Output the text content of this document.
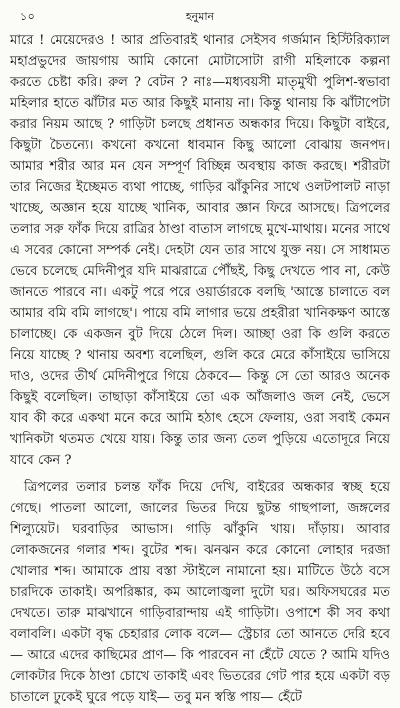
১০	হনুমান

মারে ! মেয়েদেরও ! আর প্রতিবারই থানার সেইসব গর্জমান হিস্টিরিক্যাল মহাপ্রভুদের জায়গায় আমি কোনো মোটাসোটা রাগী মহিলাকে কল্পনা করতে চেষ্টা করি। রুল ? বেটন ? নাঃ—মধ্যবয়সী মাতৃমুখী পুলিশ-স্বভাবা মহিলার হাতে ঝাঁটার মত আর কিছুই মানায় না। কিন্তু থানায় কি ঝাঁটাপেটা করার নিয়ম আছে ? গাড়িটা চলছে প্রধানত অন্ধকার দিয়ে। কিছুটা বাইরে, কিছুটা চৈতন্যে। কখনো কখনো ধাবমান কিছু আলো বোঝায় জনপদ। আমার শরীর আর মন যেন সম্পূর্ণ বিচ্ছিন্ন অবস্থায় কাজ করছে। শরীরটা তার নিজের ইচ্ছেমত ব্যথা পাচ্ছে, গাড়ির ঝাঁকুনির সাথে ওলটপালট নাড়া খাচ্ছে, অজ্ঞান হয়ে যাচ্ছে খানিক, আবার জ্ঞান ফিরে আসছে। ত্রিপলের তলার সরু ফাঁক দিয়ে রাত্রির ঠাণ্ডা বাতাস লাগছে মুখে-মাথায়। মনের সাথে এ সবের কোনো সম্পর্ক নেই। দেহটা যেন তার সাথে যুক্ত নয়। সে সাধামত ভেবে চলেছে মেদিনীপুর যদি মাঝরাত্রে পৌঁছই, কিছু দেখতে পাব না, কেউ জানতে পারবে না। একটু পরে পরে ওয়ার্ডারকে বলছি 'আস্তে চালাতে বল আমার বমি বমি লাগছে'। পায়ে বমি লাগার ভয়ে প্রহরীরা খানিকক্ষণ আস্তে চালাচ্ছে। কে একজন বুট দিয়ে ঠেলে দিল। আচ্ছা ওরা কি গুলি করতে নিয়ে যাচ্ছে ? থানায় অবশ্য বলেছিল, গুলি করে মেরে কাঁসাইয়ে ভাসিয়ে দাও, ওদের তীর্থ মেদিনীপুরে গিয়ে ঠেকবে— কিন্তু সে তো আরও অনেক কিছুই বলেছিল। তাছাড়া কাঁসাইয়ে তো এক আঁজলাও জল নেই, ভেসে যাব কী করে একথা মনে করে আমি হঠাৎ হেসে ফেলায়, ওরা সবাই কেমন খানিকটা থতমত খেয়ে যায়। কিন্তু তার জন্য তেল পুড়িয়ে এতোদূরে নিয়ে যাবে কেন ?

ত্রিপলের তলার চলন্ত ফাঁক দিয়ে দেখি, বাইরের অন্ধকার স্বচ্ছ হয়ে গেছে। পাতলা আলো, জালের ভিতর দিয়ে ছুটন্ত গাছপালা, জঙ্গলের শিল্যুয়েট। ঘরবাড়ির আভাস। গাড়ি ঝাঁকুনি খায়। দাঁড়ায়। আবার লোকজনের গলার শব্দ। বুটের শব্দ। ঝনঝন করে কোনো লোহার দরজা খোলার শব্দ। আমাকে প্রায় বস্তা স্টাইলে নামানো হয়। মাটিতে উঠে বসে চারদিকে তাকাই। অপরিষ্কার, কম আলোজ্বলা দুটো ঘর। অফিসঘরের মত দেখতে। তারু মাঝখানে গাড়িবারান্দায় এই গাড়িটা। ওপাশে কী সব কথা বলাবলি। একটা বৃদ্ধ চেহারার লোক বলে— স্ট্রেচার তো আনতে দেরি হবে— আরে এদের কাছিমের প্রাণ— কি পারবেন না হেঁটে যেতে ? আমি যদিও লোকটার দিকে ঠাণ্ডা চোখে তাকাই এবং ভিতরের গেট পার হয়ে একটা বড় চাতালে ঢুকেই ঘুরে পড়ে যাই— তবু মন স্বস্তি পায়— হেঁটে
